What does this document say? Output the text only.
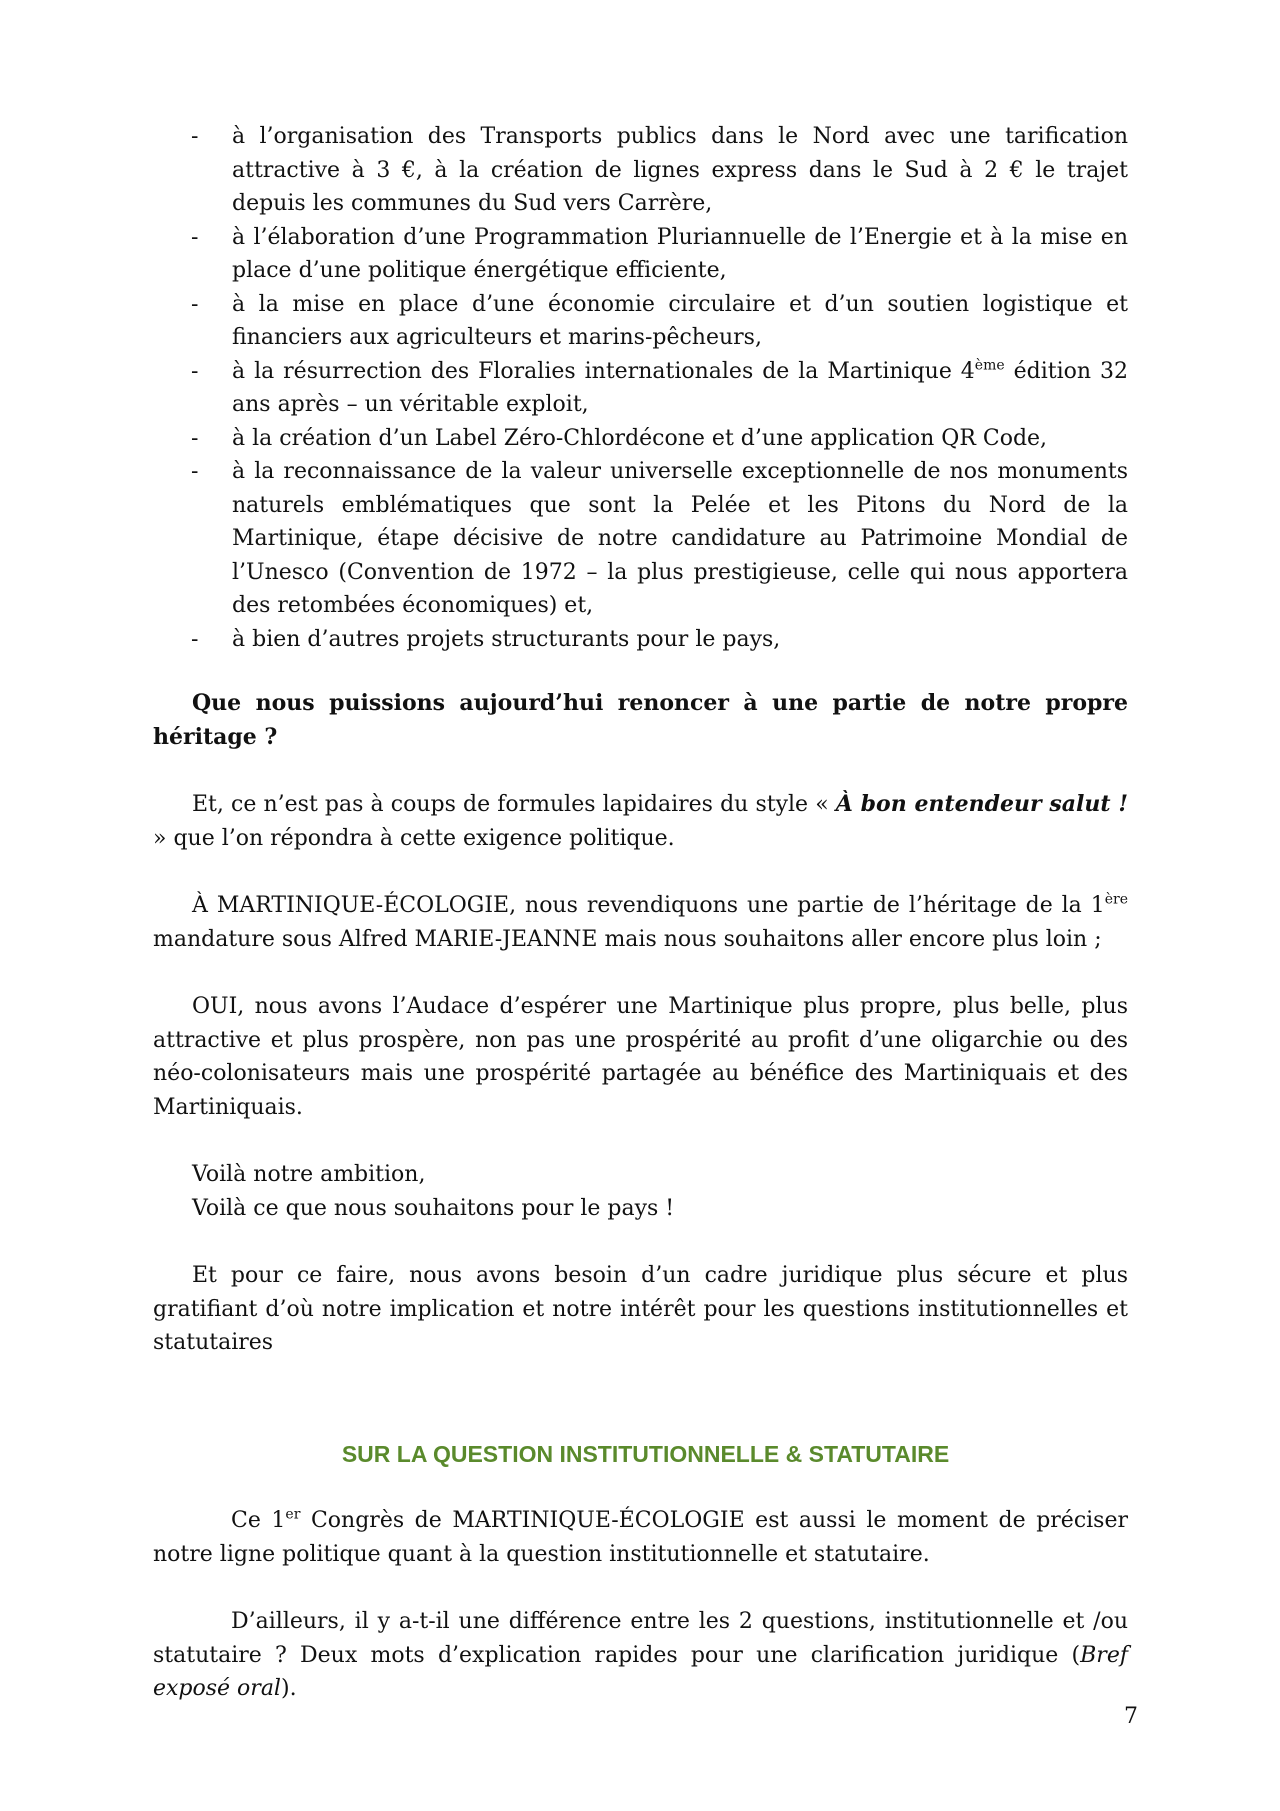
- à l’organisation des Transports publics dans le Nord avec une tarification attractive à 3 €, à la création de lignes express dans le Sud à 2 € le trajet depuis les communes du Sud vers Carrère,
- à l’élaboration d’une Programmation Pluriannuelle de l’Energie et à la mise en place d’une politique énergétique efficiente,
- à la mise en place d’une économie circulaire et d’un soutien logistique et financiers aux agriculteurs et marins-pêcheurs,
- à la résurrection des Floralies internationales de la Martinique 4ème édition 32 ans après – un véritable exploit,
- à la création d’un Label Zéro-Chlordécone et d’une application QR Code,
- à la reconnaissance de la valeur universelle exceptionnelle de nos monuments naturels emblématiques que sont la Pelée et les Pitons du Nord de la Martinique, étape décisive de notre candidature au Patrimoine Mondial de l’Unesco (Convention de 1972 – la plus prestigieuse, celle qui nous apportera des retombées économiques) et,
- à bien d’autres projets structurants pour le pays,

Que nous puissions aujourd’hui renoncer à une partie de notre propre héritage ?

Et, ce n’est pas à coups de formules lapidaires du style « À bon entendeur salut ! » que l’on répondra à cette exigence politique.

À MARTINIQUE-ÉCOLOGIE, nous revendiquons une partie de l’héritage de la 1ère mandature sous Alfred MARIE-JEANNE mais nous souhaitons aller encore plus loin ;

OUI, nous avons l’Audace d’espérer une Martinique plus propre, plus belle, plus attractive et plus prospère, non pas une prospérité au profit d’une oligarchie ou des néo-colonisateurs mais une prospérité partagée au bénéfice des Martiniquais et des Martiniquais.

Voilà notre ambition,

Voilà ce que nous souhaitons pour le pays !

Et pour ce faire, nous avons besoin d’un cadre juridique plus sécure et plus gratifiant d’où notre implication et notre intérêt pour les questions institutionnelles et statutaires

SUR LA QUESTION INSTITUTIONNELLE & STATUTAIRE

Ce 1er Congrès de MARTINIQUE-ÉCOLOGIE est aussi le moment de préciser notre ligne politique quant à la question institutionnelle et statutaire.

D’ailleurs, il y a-t-il une différence entre les 2 questions, institutionnelle et /ou statutaire ? Deux mots d’explication rapides pour une clarification juridique (Bref exposé oral).

7
